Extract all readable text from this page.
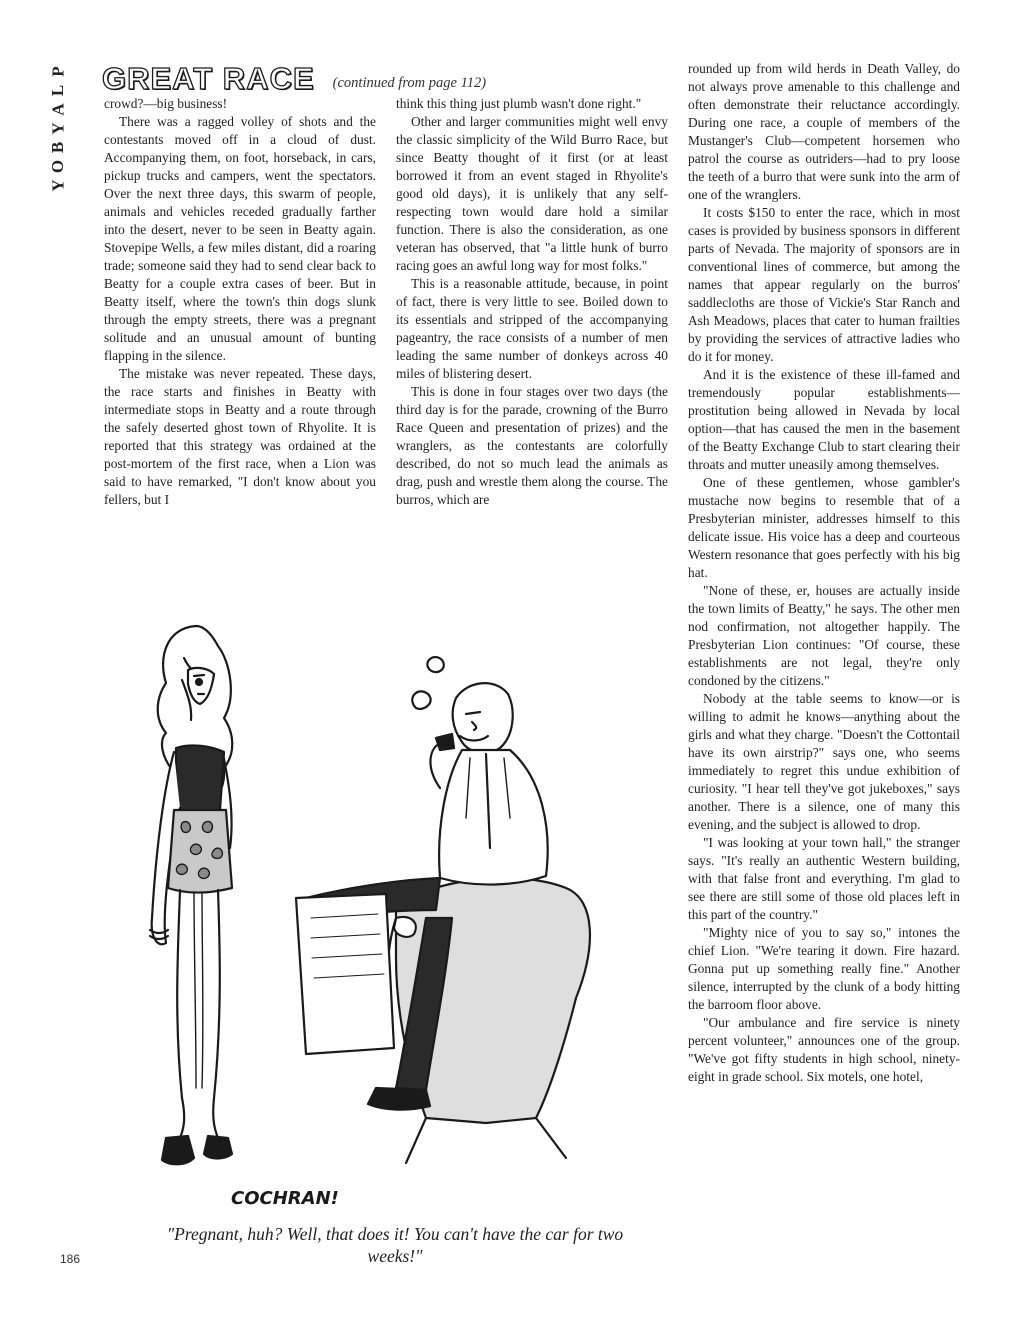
P
L
A
Y
B
O
Y
GREAT RACE (continued from page 112)

crowd?—big business!

There was a ragged volley of shots and the contestants moved off in a cloud of dust. Accompanying them, on foot, horseback, in cars, pickup trucks and campers, went the spectators. Over the next three days, this swarm of people, animals and vehicles receded gradually farther into the desert, never to be seen in Beatty again. Stovepipe Wells, a few miles distant, did a roaring trade; someone said they had to send clear back to Beatty for a couple extra cases of beer. But in Beatty itself, where the town's thin dogs slunk through the empty streets, there was a pregnant solitude and an unusual amount of bunting flapping in the silence.

The mistake was never repeated. These days, the race starts and finishes in Beatty with intermediate stops in Beatty and a route through the safely deserted ghost town of Rhyolite. It is reported that this strategy was ordained at the post-mortem of the first race, when a Lion was said to have remarked, "I don't know about you fellers, but I

think this thing just plumb wasn't done right."

Other and larger communities might well envy the classic simplicity of the Wild Burro Race, but since Beatty thought of it first (or at least borrowed it from an event staged in Rhyolite's good old days), it is unlikely that any self-respecting town would dare hold a similar function. There is also the consideration, as one veteran has observed, that "a little hunk of burro racing goes an awful long way for most folks."

This is a reasonable attitude, because, in point of fact, there is very little to see. Boiled down to its essentials and stripped of the accompanying pageantry, the race consists of a number of men leading the same number of donkeys across 40 miles of blistering desert.

This is done in four stages over two days (the third day is for the parade, crowning of the Burro Race Queen and presentation of prizes) and the wranglers, as the contestants are colorfully described, do not so much lead the animals as drag, push and wrestle them along the course. The burros, which are

rounded up from wild herds in Death Valley, do not always prove amenable to this challenge and often demonstrate their reluctance accordingly. During one race, a couple of members of the Mustanger's Club—competent horsemen who patrol the course as outriders—had to pry loose the teeth of a burro that were sunk into the arm of one of the wranglers.

It costs $150 to enter the race, which in most cases is provided by business sponsors in different parts of Nevada. The majority of sponsors are in conventional lines of commerce, but among the names that appear regularly on the burros' saddlecloths are those of Vickie's Star Ranch and Ash Meadows, places that cater to human frailties by providing the services of attractive ladies who do it for money.

And it is the existence of these ill-famed and tremendously popular establishments—prostitution being allowed in Nevada by local option—that has caused the men in the basement of the Beatty Exchange Club to start clearing their throats and mutter uneasily among themselves.

One of these gentlemen, whose gambler's mustache now begins to resemble that of a Presbyterian minister, addresses himself to this delicate issue. His voice has a deep and courteous Western resonance that goes perfectly with his big hat.

"None of these, er, houses are actually inside the town limits of Beatty," he says. The other men nod confirmation, not altogether happily. The Presbyterian Lion continues: "Of course, these establishments are not legal, they're only condoned by the citizens."

Nobody at the table seems to know—or is willing to admit he knows—anything about the girls and what they charge. "Doesn't the Cottontail have its own airstrip?" says one, who seems immediately to regret this undue exhibition of curiosity. "I hear tell they've got jukeboxes," says another. There is a silence, one of many this evening, and the subject is allowed to drop.

"I was looking at your town hall," the stranger says. "It's really an authentic Western building, with that false front and everything. I'm glad to see there are still some of those old places left in this part of the country."

"Mighty nice of you to say so," intones the chief Lion. "We're tearing it down. Fire hazard. Gonna put up something really fine." Another silence, interrupted by the clunk of a body hitting the barroom floor above.

"Our ambulance and fire service is ninety percent volunteer," announces one of the group. "We've got fifty students in high school, ninety-eight in grade school. Six motels, one hotel,

COCHRAN!
"Pregnant, huh? Well, that does it! You can't have the car for two weeks!"
186
